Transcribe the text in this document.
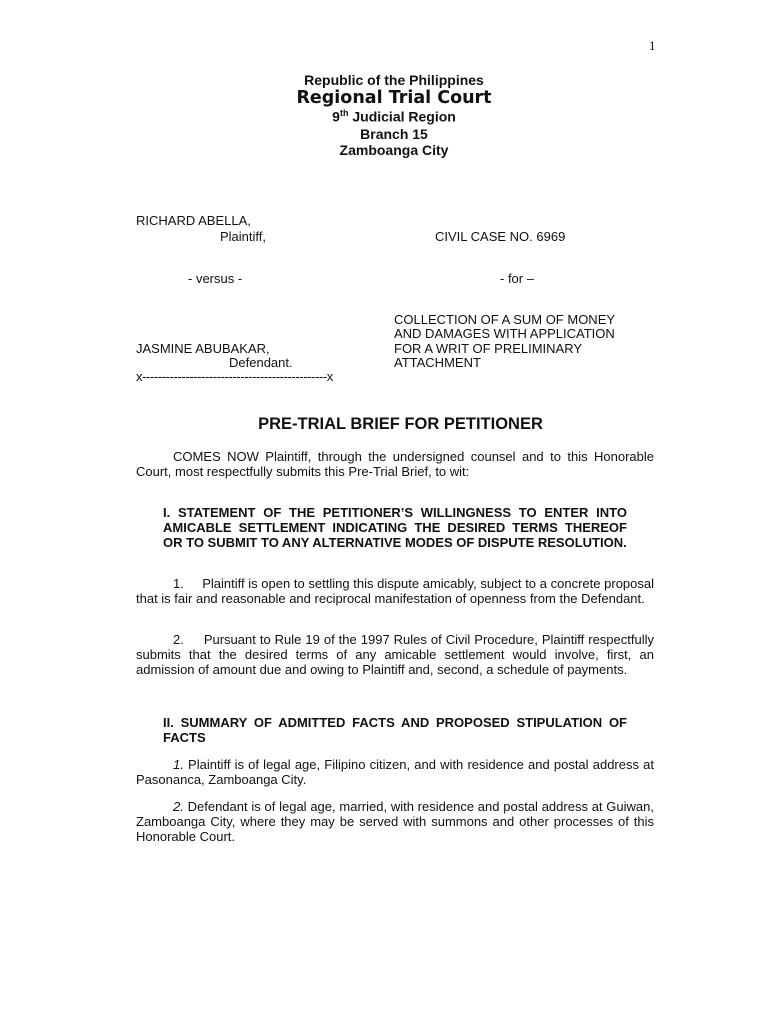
1
Republic of the Philippines
Regional Trial Court
9th Judicial Region
Branch 15
Zamboanga City
RICHARD ABELLA,
Plaintiff,	CIVIL CASE NO. 6969
- versus -	- for –
COLLECTION OF A SUM OF MONEY
AND DAMAGES WITH APPLICATION
FOR A WRIT OF PRELIMINARY
ATTACHMENT
JASMINE ABUBAKAR,
Defendant.
x-----------------------------------------------x
PRE-TRIAL BRIEF FOR PETITIONER

COMES NOW Plaintiff, through the undersigned counsel and to this Honorable Court, most respectfully submits this Pre-Trial Brief, to wit:

I. STATEMENT OF THE PETITIONER’S WILLINGNESS TO ENTER INTO AMICABLE SETTLEMENT INDICATING THE DESIRED TERMS THEREOF OR TO SUBMIT TO ANY ALTERNATIVE MODES OF DISPUTE RESOLUTION.

1. Plaintiff is open to settling this dispute amicably, subject to a concrete proposal that is fair and reasonable and reciprocal manifestation of openness from the Defendant.

2. Pursuant to Rule 19 of the 1997 Rules of Civil Procedure, Plaintiff respectfully submits that the desired terms of any amicable settlement would involve, first, an admission of amount due and owing to Plaintiff and, second, a schedule of payments.

II. SUMMARY OF ADMITTED FACTS AND PROPOSED STIPULATION OF FACTS

1. Plaintiff is of legal age, Filipino citizen, and with residence and postal address at Pasonanca, Zamboanga City.

2. Defendant is of legal age, married, with residence and postal address at Guiwan, Zamboanga City, where they may be served with summons and other processes of this Honorable Court.
